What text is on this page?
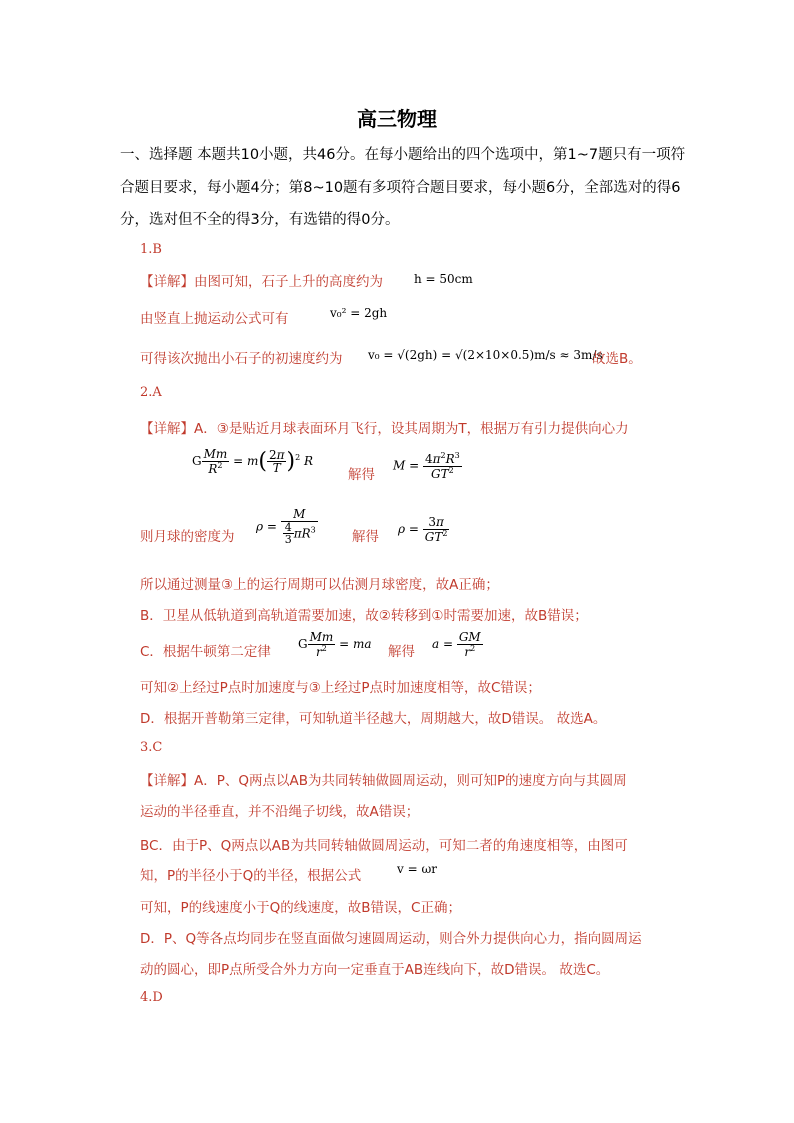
高三物理
一、选择题 本题共10小题，共46分。在每小题给出的四个选项中，第1~7题只有一项符
合题目要求，每小题4分；第8~10题有多项符合题目要求，每小题6分，全部选对的得6
分，选对但不全的得3分，有选错的得0分。
1.B
【详解】由图可知，石子上升的高度约为	h = 50cm
由竖直上抛运动公式可有	v₀² = 2gh
可得该次抛出小石子的初速度约为 v₀ = √(2gh) = √(2×10×0.5)m/s ≈ 3m/s
故选B。
2.A
【详解】A．③是贴近月球表面环月飞行，设其周期为T，根据万有引力提供向心力
G $\frac{Mm}{R^2} = m( \frac{2\pi}{T} )^2$ R
解得
$M = \frac{4\pi^2R^3}{GT^2}$
则月球的密度为
$\rho = \frac{M}{\frac{4}{3} \pi R^3}$	解得 $\rho = \frac{3\pi}{GT^2}$
所以通过测量③上的运行周期可以估测月球密度，故A正确；
B．卫星从低轨道到高轨道需要加速，故②转移到①时需要加速，故B错误；
C．根据牛顿第二定律 G $\frac{Mm}{r^2}$ = ma 解得 $a = \frac{GM}{r^2}$
可知②上经过P点时加速度与③上经过P点时加速度相等，故C错误；
D．根据开普勒第三定律，可知轨道半径越大，周期越大，故D错误。 故选A。
3.C
【详解】A．P、Q两点以AB为共同转轴做圆周运动，则可知P的速度方向与其圆周
运动的半径垂直，并不沿绳子切线，故A错误；
BC．由于P、Q两点以AB为共同转轴做圆周运动，可知二者的角速度相等，由图可
知，P的半径小于Q的半径，根据公式	v = ωr
可知，P的线速度小于Q的线速度，故B错误，C正确；
D．P、Q等各点均同步在竖直面做匀速圆周运动，则合外力提供向心力，指向圆周运
动的圆心，即P点所受合外力方向一定垂直于AB连线向下，故D错误。 故选C。
4.D
